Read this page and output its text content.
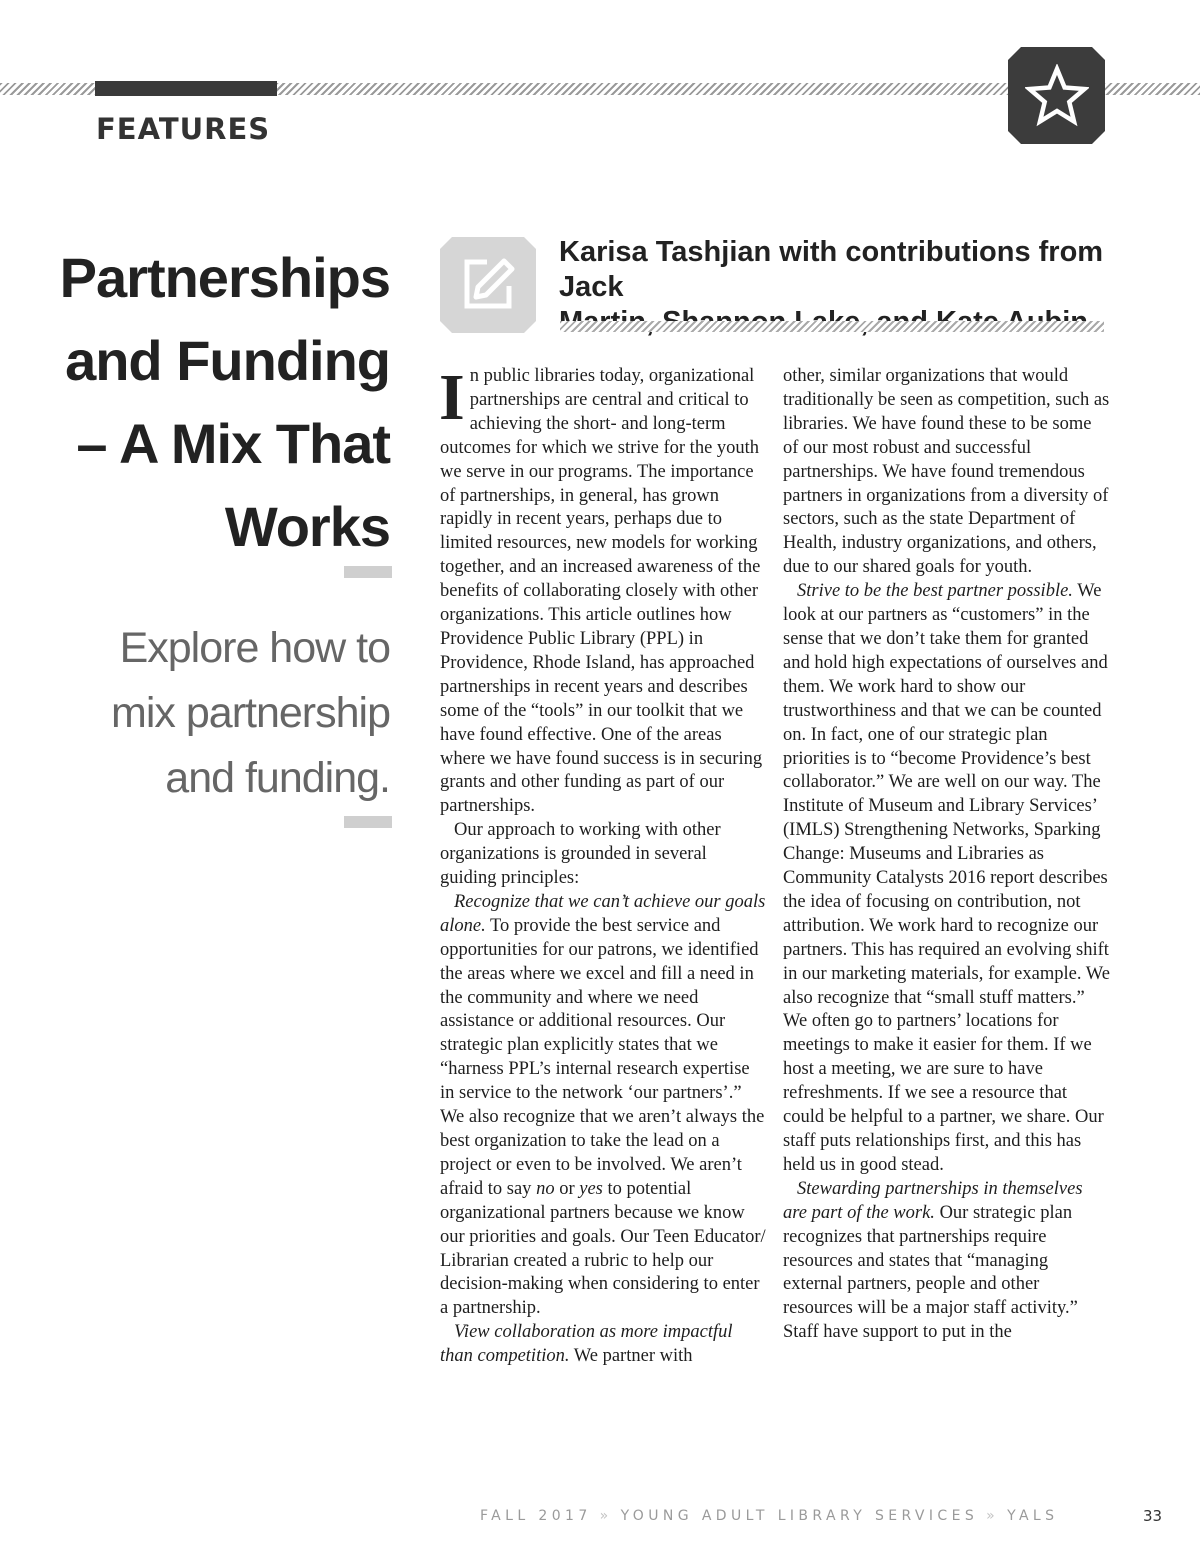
FEATURES
Partnerships
and Funding
– A Mix That
Works

Explore how to
mix partnership
and funding.

Karisa Tashjian with contributions from Jack

In public libraries today, organizational partnerships are central and critical to achieving the short- and long-term outcomes for which we strive for the youth we serve in our programs. The importance of partnerships, in general, has grown rapidly in recent years, perhaps due to limited resources, new models for working together, and an increased awareness of the benefits of collaborating closely with other organizations. This article outlines how Providence Public Library (PPL) in Providence, Rhode Island, has approached partnerships in recent years and describes some of the “tools” in our toolkit that we have found effective. One of the areas where we have found success is in securing grants and other funding as part of our partnerships.

Our approach to working with other organizations is grounded in several guiding principles:

Recognize that we can’t achieve our goals alone. To provide the best service and opportunities for our patrons, we identified the areas where we excel and fill a need in the community and where we need assistance or additional resources. Our strategic plan explicitly states that we “harness PPL’s internal research expertise in service to the network ‘our partners’.” We also recognize that we aren’t always the best organization to take the lead on a project or even to be involved. We aren’t afraid to say no or yes to potential organizational partners because we know our priorities and goals. Our Teen Educator/ Librarian created a rubric to help our decision-making when considering to enter a partnership.

View collaboration as more impactful than competition. We partner with

other, similar organizations that would traditionally be seen as competition, such as libraries. We have found these to be some of our most robust and successful partnerships. We have found tremendous partners in organizations from a diversity of sectors, such as the state Department of Health, industry organizations, and others, due to our shared goals for youth.

Strive to be the best partner possible. We look at our partners as “customers” in the sense that we don’t take them for granted and hold high expectations of ourselves and them. We work hard to show our trustworthiness and that we can be counted on. In fact, one of our strategic plan priorities is to “become Providence’s best collaborator.” We are well on our way. The Institute of Museum and Library Services’ (IMLS) Strengthening Networks, Sparking Change: Museums and Libraries as Community Catalysts 2016 report describes the idea of focusing on contribution, not attribution. We work hard to recognize our partners. This has required an evolving shift in our marketing materials, for example. We also recognize that “small stuff matters.” We often go to partners’ locations for meetings to make it easier for them. If we host a meeting, we are sure to have refreshments. If we see a resource that could be helpful to a partner, we share. Our staff puts relationships first, and this has held us in good stead.

Stewarding partnerships in themselves are part of the work. Our strategic plan recognizes that partnerships require resources and states that “managing external partners, people and other resources will be a major staff activity.” Staff have support to put in the

FALL 2017 » YOUNG ADULT LIBRARY SERVICES » YALS	33
